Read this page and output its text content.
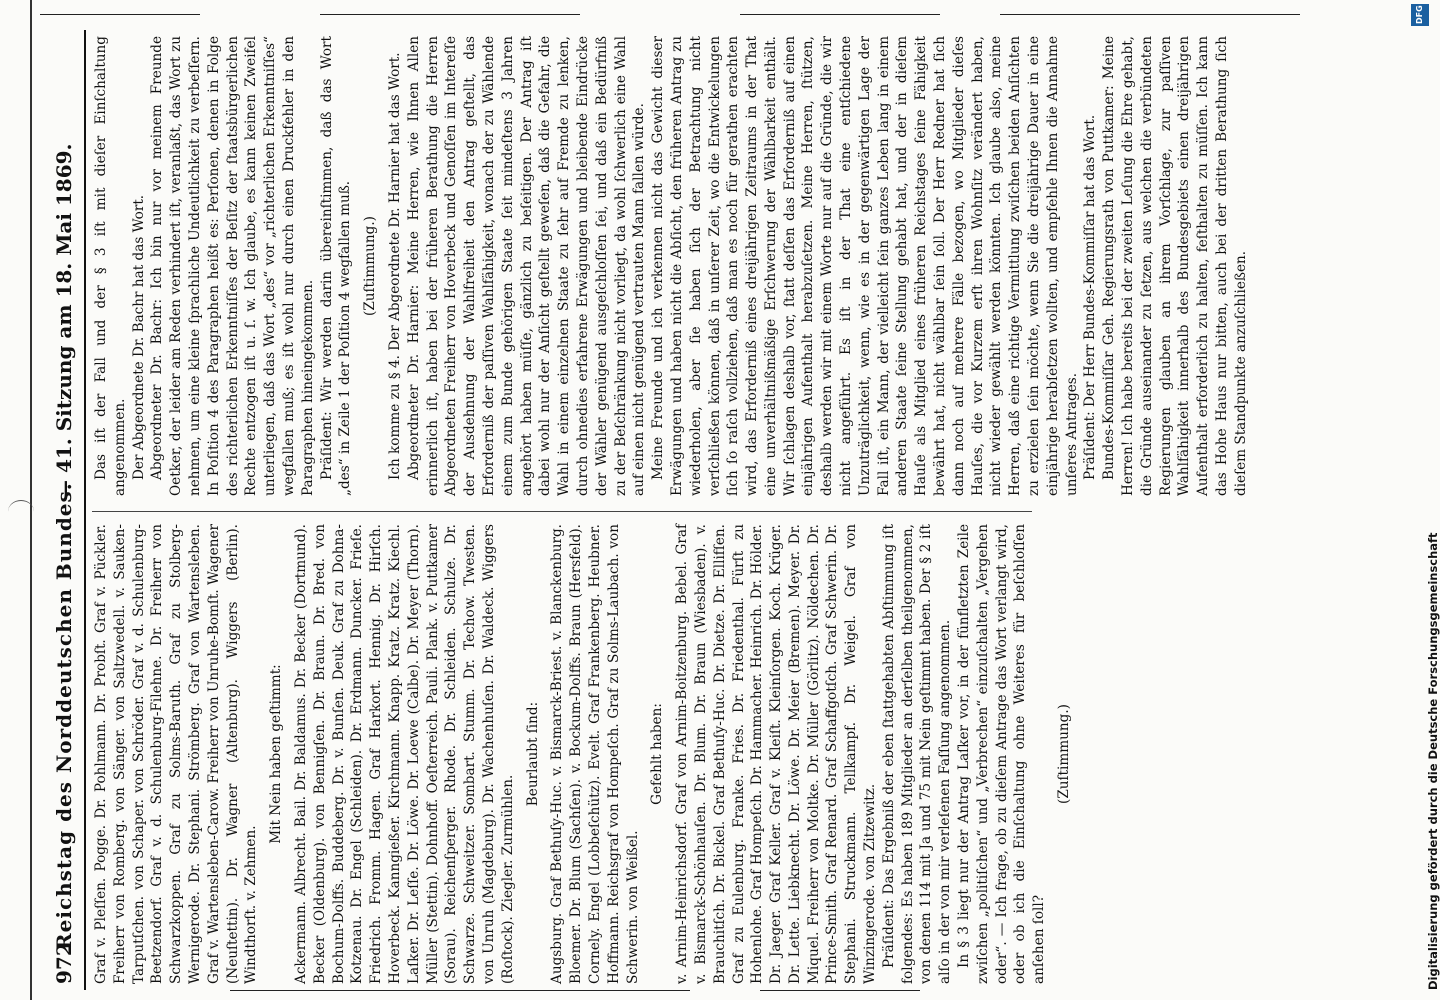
972
Reichstag des Norddeutschen Bundes.
— 41. Sitzung am 18. Mai 1869.

Graf v. Pleſſen. Pogge. Dr. Pohlmann. Dr. Probſt. Graf v. Pückler. Freiherr von Romberg. von Sänger. von Saltzwedell. v. Sauken-Tarputſchen. von Schaper. von Schröder. Graf v. d. Schulenburg-Beetzendorf. Graf v. d. Schulenburg-Filehne. Dr. Freiherr von Schwarzkoppen. Graf zu Solms-Baruth. Graf zu Stolberg-Wernigerode. Dr. Stephani. Strömberg. Graf von Wartensleben. Graf v. Wartensleben-Carow. Freiherr von Unruhe-Bomſt. Wagener (Neuſtettin). Dr. Wagner (Altenburg). Wiggers (Berlin). Windthorſt. v. Zehmen.

Mit Nein haben geſtimmt: Ackermann. Albrecht. Bail. Dr. Baldamus. Dr. Becker (Dortmund). Becker (Oldenburg). von Bennigſen. Dr. Braun. Dr. Bred. von Bochum-Dolffs. Buddeberg. Dr. v. Bunſen. Deuk. Graf zu Dohna-Kotzenau. Dr. Engel (Schleiden). Dr. Erdmann. Duncker. Frieſe. Friedrich. Fromm. Hagen. Graf Harkort. Hennig. Dr. Hirſch. Hoverbeck. Kanngießer. Kirchmann. Knapp. Kratz. Kratz. Kiechl. Laſker. Dr. Leſſe. Dr. Löwe. Dr. Loewe (Calbe). Dr. Meyer (Thorn). Müller (Stettin). Dohnhoff. Oeſterreich. Pauli. Plank. v. Puttkamer (Sorau). Reichenſperger. Rhode. Dr. Schleiden. Schulze. Dr. Schwarze. Schweitzer. Sombart. Stumm. Dr. Techow. Twesten. von Unruh (Magdeburg). Dr. Wachenhuſen. Dr. Waldeck. Wiggers (Roſtock). Ziegler. Zurmühlen.

Beurlaubt ſind: Augsburg. Graf Bethuſy-Huc. v. Bismarck-Briest. v. Blanckenburg. Bloemer. Dr. Blum (Sachſen). v. Bockum-Dolffs. Braun (Hersfeld). Cornely. Engel (Lobbeſchütz). Evelt. Graf Frankenberg. Heubner. Hoffmann. Reichsgraf von Hompeſch. Graf zu Solms-Laubach. von Schwerin. von Weißel.

Gefehlt haben: v. Arnim-Heinrichsdorf. Graf von Arnim-Boitzenburg. Bebel. Graf v. Bismarck-Schönhauſen. Dr. Blum. Dr. Braun (Wiesbaden). v. Brauchitſch. Dr. Bickel. Graf Bethuſy-Huc. Dr. Dietze. Dr. Ellifſen. Graf zu Eulenburg. Franke. Fries. Dr. Friedenthal. Fürſt zu Hohenlohe. Graf Hompeſch. Dr. Hammacher. Heinrich. Dr. Hölder. Dr. Jaeger. Graf Keller. Graf v. Kleiſt. Kleinſorgen. Koch. Krüger. Dr. Lette. Liebknecht. Dr. Löwe. Dr. Meier (Bremen). Meyer. Dr. Miquel. Freiherr von Moltke. Dr. Müller (Görlitz). Nöldechen. Dr. Prince-Smith. Graf Renard. Graf Schaffgotſch. Graf Schwerin. Dr. Stephani. Struckmann. Tellkampf. Dr. Weigel. Graf von Winzingerode. von Zitzewitz. Präſident: Das Ergebniß der eben ſtattgehabten Abſtimmung iſt folgendes: Es haben 189 Mitglieder an derſelben theilgenommen, von denen 114 mit Ja und 75 mit Nein geſtimmt haben. Der § 2 iſt alſo in der von mir verleſenen Faſſung angenommen. In § 3 liegt nur der Antrag Laſker vor, in der fünfletzten Zeile zwiſchen „politiſchen“ und „Verbrechen“ einzuſchalten „Vergehen oder“. — Ich frage, ob zu dieſem Antrage das Wort verlangt wird, oder ob ich die Einſchaltung ohne Weiteres für beſchloſſen anſehen ſoll?

(Zuſtimmung.)

Das iſt der Fall und der § 3 iſt mit dieſer Einſchaltung angenommen. Der Abgeordnete Dr. Bachr hat das Wort. Abgeordneter Dr. Bachr: Ich bin nur vor meinem Freunde Oetker, der leider am Reden verhindert iſt, veranlaßt, das Wort zu nehmen, um eine kleine ſprachliche Undeutlichkeit zu verbeſſern. In Poſition 4 des Paragraphen heißt es: Perſonen, denen in Folge des richterlichen Erkenntniſſes der Beſitz der ſtaatsbürgerlichen Rechte entzogen iſt u. ſ. w. Ich glaube, es kann keinen Zweifel unterliegen, daß das Wort „des“ vor „richterlichen Erkenntniſſes“ wegfallen muß; es iſt wohl nur durch einen Druckfehler in den Paragraphen hineingekommen. Präſident: Wir werden darin übereinſtimmen, daß das Wort „des“ in Zeile 1 der Poſition 4 wegfallen muß. (Zuſtimmung.) Ich komme zu § 4. Der Abgeordnete Dr. Harnier hat das Wort. Abgeordneter Dr. Harnier: Meine Herren, wie Ihnen Allen erinnerlich iſt, haben bei der früheren Berathung die Herren Abgeordneten Freiherr von Hoverbeck und Genoſſen im Intereſſe der Ausdehnung der Wahlfreiheit den Antrag geſtellt, das Erforderniß der paſſiven Wahlfähigkeit, wonach der zu Wählende einem zum Bunde gehörigen Staate ſeit mindeſtens 3 Jahren angehört haben müſſe, gänzlich zu beſeitigen. Der Antrag iſt dabei wohl nur der Anſicht geſtellt geweſen, daß die Gefahr, die Wahl in einem einzelnen Staate zu ſehr auf Fremde zu lenken, durch ohnedies erfahrene Erwägungen und bleibende Eindrücke der Wähler genügend ausgeſchloſſen ſei, und daß ein Bedürfniß zu der Beſchränkung nicht vorliegt, da wohl ſchwerlich eine Wahl auf einen nicht genügend vertrauten Mann fallen würde. Meine Freunde und ich verkennen nicht das Gewicht dieser Erwägungen und haben nicht die Abſicht, den früheren Antrag zu wiederholen, aber ſie haben ſich der Betrachtung nicht verſchließen können, daß in unſerer Zeit, wo die Entwickelungen ſich ſo raſch vollziehen, daß man es noch für gerathen erachten wird, das Erforderniß eines dreijährigen Zeitraums in der That eine unverhältnißmäßige Erſchwerung der Wählbarkeit enthält. Wir ſchlagen deshalb vor, ſtatt deſſen das Erforderniß auf einen einjährigen Aufenthalt herabzuſetzen. Meine Herren, ſtützen, deshalb werden wir mit einem Worte nur auf die Gründe, die wir nicht angeführt. Es iſt in der That eine entſchiedene Unzuträglichkeit, wenn, wie es in der gegenwärtigen Lage der Fall iſt, ein Mann, der vielleicht ſein ganzes Leben lang in einem anderen Staate ſeine Stellung gehabt hat, und der in dieſem Hauſe als Mitglied eines früheren Reichstages ſeine Fähigkeit bewährt hat, nicht wählbar ſein ſoll. Der Herr Redner hat ſich dann noch auf mehrere Fälle bezogen, wo Mitglieder dieſes Hauſes, die vor Kurzem erſt ihren Wohnſitz verändert haben, nicht wieder gewählt werden könnten. Ich glaube also, meine Herren, daß eine richtige Vermittlung zwiſchen beiden Anſichten zu erzielen ſein möchte, wenn Sie die dreijährige Dauer in eine einjährige herabſetzen wollten, und empfehle Ihnen die Annahme unſeres Antrages. Präſident: Der Herr Bundes-Kommiſſar hat das Wort. Bundes-Kommiſſar Geh. Regierungsrath von Puttkamer: Meine Herren! Ich habe bereits bei der zweiten Leſung die Ehre gehabt, die Gründe auseinander zu ſetzen, aus welchen die verbündeten Regierungen glauben an ihrem Vorſchlage, zur paſſiven Wahlfähigkeit innerhalb des Bundesgebiets einen dreijährigen Aufenthalt erforderlich zu halten, feſthalten zu müſſen. Ich kann das Hohe Haus nur bitten, auch bei der dritten Berathung ſich dieſem Standpunkte anzuſchließen.

Digitalisierung gefördert durch die Deutsche Forschungsgemeinschaft
DFG
